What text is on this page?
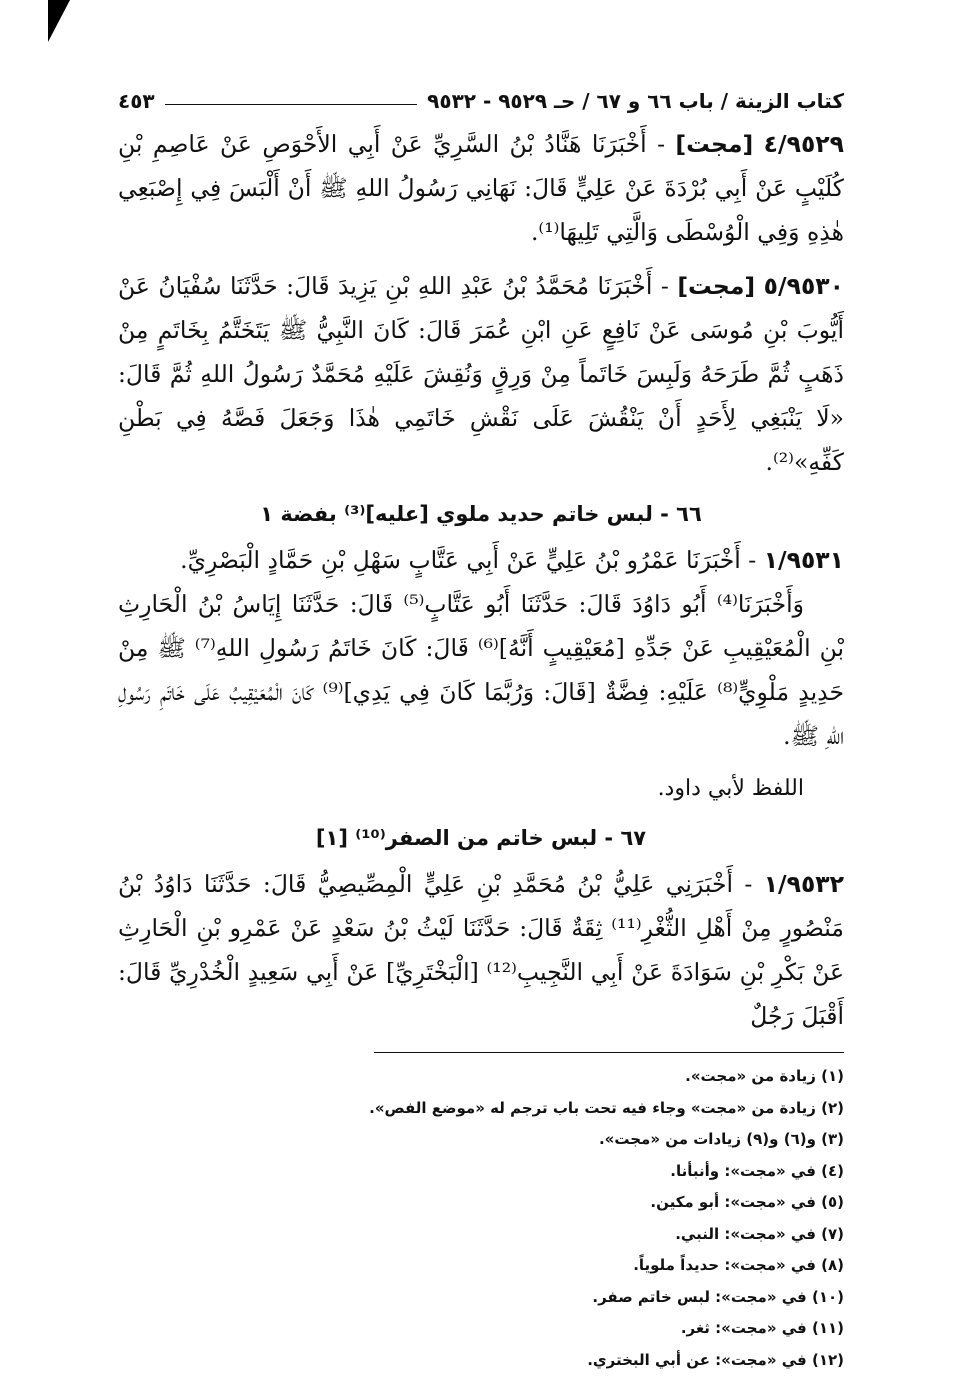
كتاب الزينة / باب ٦٦ و ٦٧ / حـ ٩٥٢٩ - ٩٥٣٢
٤٥٣

٤/٩٥٢٩ [مجت] - أَخْبَرَنَا هَنَّادُ بْنُ السَّرِيِّ عَنْ أَبِي الأَحْوَصِ عَنْ عَاصِمِ بْنِ كُلَيْبٍ عَنْ أَبِي بُرْدَةَ عَنْ عَلِيٍّ قَالَ: نَهَانِي رَسُولُ اللهِ ﷺ أَنْ أَلْبَسَ فِي إِصْبَعِي هٰذِهِ وَفِي الْوُسْطَى وَالَّتِي تَلِيهَا⁽¹⁾.

٥/٩٥٣٠ [مجت] - أَخْبَرَنَا مُحَمَّدُ بْنُ عَبْدِ اللهِ بْنِ يَزِيدَ قَالَ: حَدَّثَنَا سُفْيَانُ عَنْ أَيُّوبَ بْنِ مُوسَى عَنْ نَافِعٍ عَنِ ابْنِ عُمَرَ قَالَ: كَانَ النَّبِيُّ ﷺ يَتَخَتَّمُ بِخَاتَمٍ مِنْ ذَهَبٍ ثُمَّ طَرَحَهُ وَلَبِسَ خَاتَماً مِنْ وَرِقٍ وَنُقِشَ عَلَيْهِ مُحَمَّدٌ رَسُولُ اللهِ ثُمَّ قَالَ: «لَا يَنْبَغِي لِأَحَدٍ أَنْ يَنْقُشَ عَلَى نَقْشِ خَاتَمِي هٰذَا وَجَعَلَ فَصَّهُ فِي بَطْنِ كَفِّهِ»⁽²⁾.

٦٦ - لبس خاتم حديد ملوي [عليه]⁽³⁾ بفضة ١

١/٩٥٣١ - أَخْبَرَنَا عَمْرُو بْنُ عَلِيٍّ عَنْ أَبِي عَتَّابٍ سَهْلِ بْنِ حَمَّادٍ الْبَصْرِيِّ.

وَأَخْبَرَنَا⁽⁴⁾ أَبُو دَاوُدَ قَالَ: حَدَّثَنَا أَبُو عَتَّابٍ⁽⁵⁾ قَالَ: حَدَّثَنَا إِيَاسُ بْنُ الْحَارِثِ بْنِ الْمُعَيْقِيبِ عَنْ جَدِّهِ [مُعَيْقِيبٍ أَنَّهُ]⁽⁶⁾ قَالَ: كَانَ خَاتَمُ رَسُولِ اللهِ⁽⁷⁾ ﷺ مِنْ حَدِيدٍ مَلْوِيٍّ⁽⁸⁾ عَلَيْهِ: فِضَّةٌ [قَالَ: وَرُبَّمَا كَانَ فِي يَدِي]⁽⁹⁾ كَانَ الْمُعَيْقِيبُ عَلَى خَاتَمِ رَسُولِ اللهِ ﷺ.

اللفظ لأبي داود.
٦٧ - لبس خاتم من الصفر⁽¹⁰⁾ [١]

١/٩٥٣٢ - أَخْبَرَنِي عَلِيُّ بْنُ مُحَمَّدِ بْنِ عَلِيٍّ الْمِصِّيصِيُّ قَالَ: حَدَّثَنَا دَاوُدُ بْنُ مَنْصُورٍ مِنْ أَهْلِ الثُّغْرِ⁽¹¹⁾ ثِقَةٌ قَالَ: حَدَّثَنَا لَيْثُ بْنُ سَعْدٍ عَنْ عَمْرِو بْنِ الْحَارِثِ عَنْ بَكْرِ بْنِ سَوَادَةَ عَنْ أَبِي النَّجِيبِ⁽¹²⁾ [الْبَخْتَرِيِّ] عَنْ أَبِي سَعِيدٍ الْخُدْرِيِّ قَالَ: أَقْبَلَ رَجُلٌ

(١) زيادة من «مجت».
(٢) زيادة من «مجت» وجاء فيه تحت باب ترجم له «موضع الفص».
(٣) و(٦) و(٩) زيادات من «مجت».
(٤) في «مجت»: وأنبأنا.
(٥) في «مجت»: أبو مكين.
(٧) في «مجت»: النبي.
(٨) في «مجت»: حديداً ملوياً.
(١٠) في «مجت»: لبس خاتم صفر.
(١١) في «مجت»: ثغر.
(١٢) في «مجت»: عن أبي البختري.
